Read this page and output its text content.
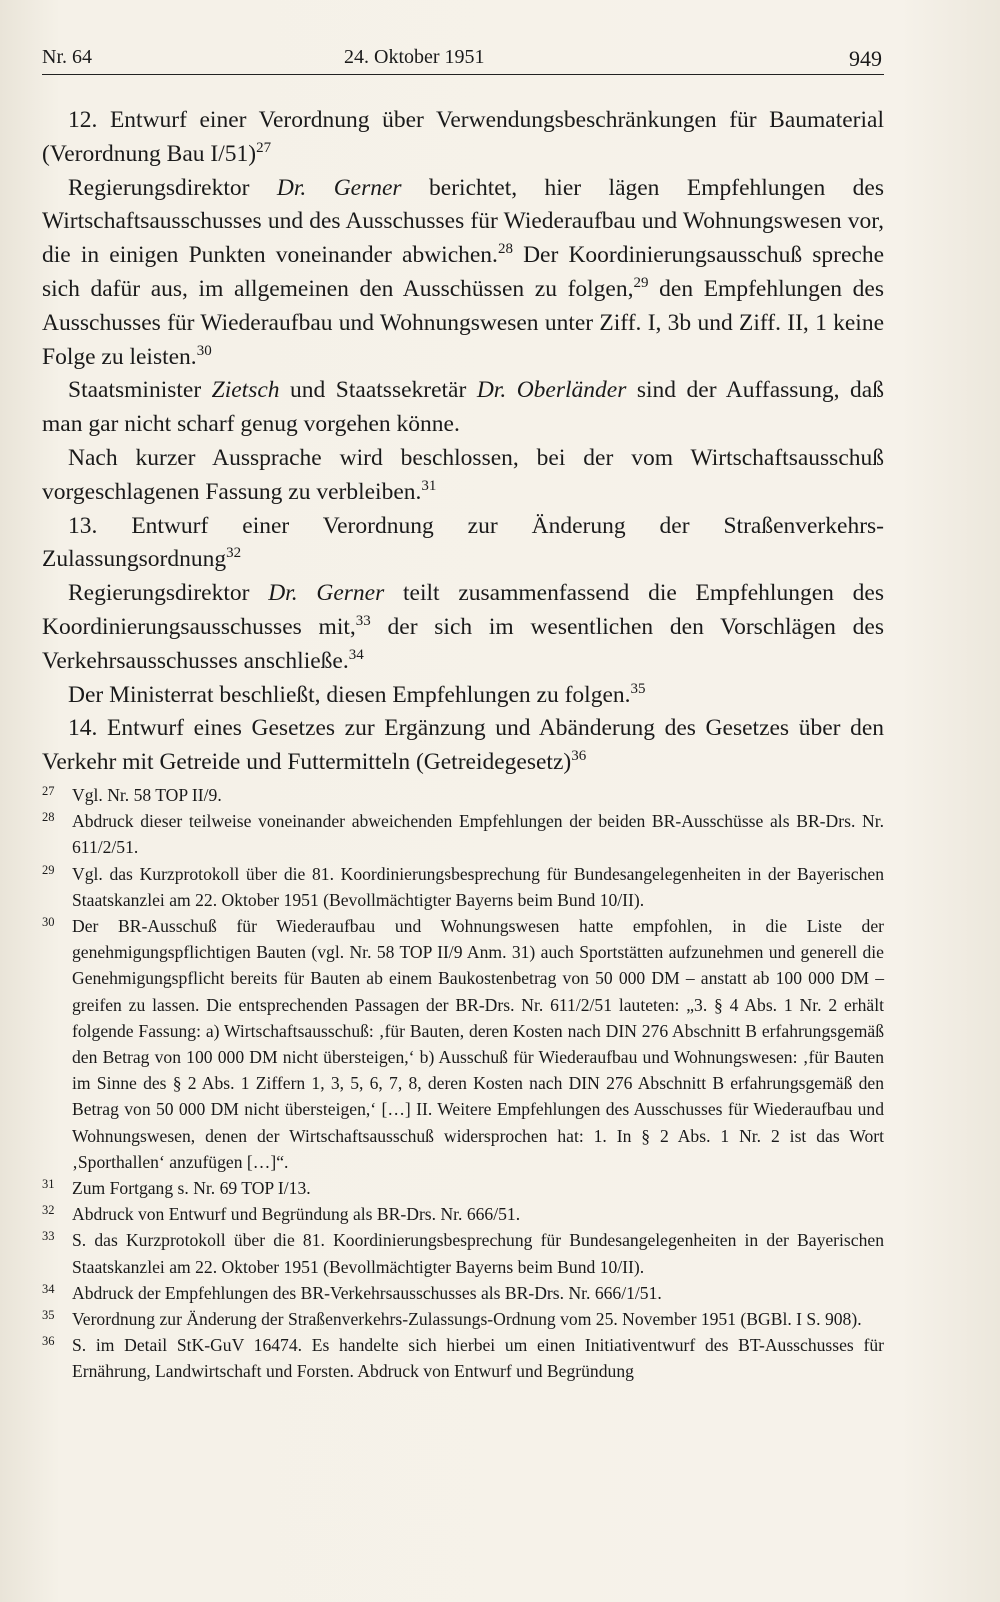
Nr. 64	24. Oktober 1951	949

12. Entwurf einer Verordnung über Verwendungsbeschränkungen für Baumaterial (Verordnung Bau I/51)$^{27}$

Regierungsdirektor Dr. Gerner berichtet, hier lägen Empfehlungen des Wirtschaftsausschusses und des Ausschusses für Wiederaufbau und Wohnungswesen vor, die in einigen Punkten voneinander abwichen.$^{28}$ Der Koordinierungsausschuß spreche sich dafür aus, im allgemeinen den Ausschüssen zu folgen,$^{29}$ den Empfehlungen des Ausschusses für Wiederaufbau und Wohnungswesen unter Ziff. I, 3b und Ziff. II, 1 keine Folge zu leisten.$^{30}$

Staatsminister Zietsch und Staatssekretär Dr. Oberländer sind der Auffassung, daß man gar nicht scharf genug vorgehen könne.

Nach kurzer Aussprache wird beschlossen, bei der vom Wirtschaftsausschuß vorgeschlagenen Fassung zu verbleiben.$^{31}$

13. Entwurf einer Verordnung zur Änderung der Straßenverkehrs-Zulassungsordnung$^{32}$

Regierungsdirektor Dr. Gerner teilt zusammenfassend die Empfehlungen des Koordinierungsausschusses mit,$^{33}$ der sich im wesentlichen den Vorschlägen des Verkehrsausschusses anschließe.$^{34}$

Der Ministerrat beschließt, diesen Empfehlungen zu folgen.$^{35}$

14. Entwurf eines Gesetzes zur Ergänzung und Abänderung des Gesetzes über den Verkehr mit Getreide und Futtermitteln (Getreidegesetz)$^{36}$

27 Vgl. Nr. 58 TOP II/9.
28 Abdruck dieser teilweise voneinander abweichenden Empfehlungen der beiden BR-Ausschüsse als BR-Drs. Nr. 611/2/51.
29 Vgl. das Kurzprotokoll über die 81. Koordinierungsbesprechung für Bundesangelegenheiten in der Bayerischen Staatskanzlei am 22. Oktober 1951 (Bevollmächtigter Bayerns beim Bund 10/II).
30 Der BR-Ausschuß für Wiederaufbau und Wohnungswesen hatte empfohlen, in die Liste der genehmigungspflichtigen Bauten (vgl. Nr. 58 TOP II/9 Anm. 31) auch Sportstätten aufzunehmen und generell die Genehmigungspflicht bereits für Bauten ab einem Baukostenbetrag von 50 000 DM – anstatt ab 100 000 DM – greifen zu lassen. Die entsprechenden Passagen der BR-Drs. Nr. 611/2/51 lauteten: „3. § 4 Abs. 1 Nr. 2 erhält folgende Fassung: a) Wirtschaftsausschuß: ‚für Bauten, deren Kosten nach DIN 276 Abschnitt B erfahrungsgemäß den Betrag von 100 000 DM nicht übersteigen,‘ b) Ausschuß für Wiederaufbau und Wohnungswesen: ‚für Bauten im Sinne des § 2 Abs. 1 Ziffern 1, 3, 5, 6, 7, 8, deren Kosten nach DIN 276 Abschnitt B erfahrungsgemäß den Betrag von 50 000 DM nicht übersteigen,‘ […] II. Weitere Empfehlungen des Ausschusses für Wiederaufbau und Wohnungswesen, denen der Wirtschaftsausschuß widersprochen hat: 1. In § 2 Abs. 1 Nr. 2 ist das Wort ‚Sporthallen‘ anzufügen […]“.
31 Zum Fortgang s. Nr. 69 TOP I/13.
32 Abdruck von Entwurf und Begründung als BR-Drs. Nr. 666/51.
33 S. das Kurzprotokoll über die 81. Koordinierungsbesprechung für Bundesangelegenheiten in der Bayerischen Staatskanzlei am 22. Oktober 1951 (Bevollmächtigter Bayerns beim Bund 10/II).
34 Abdruck der Empfehlungen des BR-Verkehrsausschusses als BR-Drs. Nr. 666/1/51.
35 Verordnung zur Änderung der Straßenverkehrs-Zulassungs-Ordnung vom 25. November 1951 (BGBl. I S. 908).
36 S. im Detail StK-GuV 16474. Es handelte sich hierbei um einen Initiativentwurf des BT-Ausschusses für Ernährung, Landwirtschaft und Forsten. Abdruck von Entwurf und Begründung
